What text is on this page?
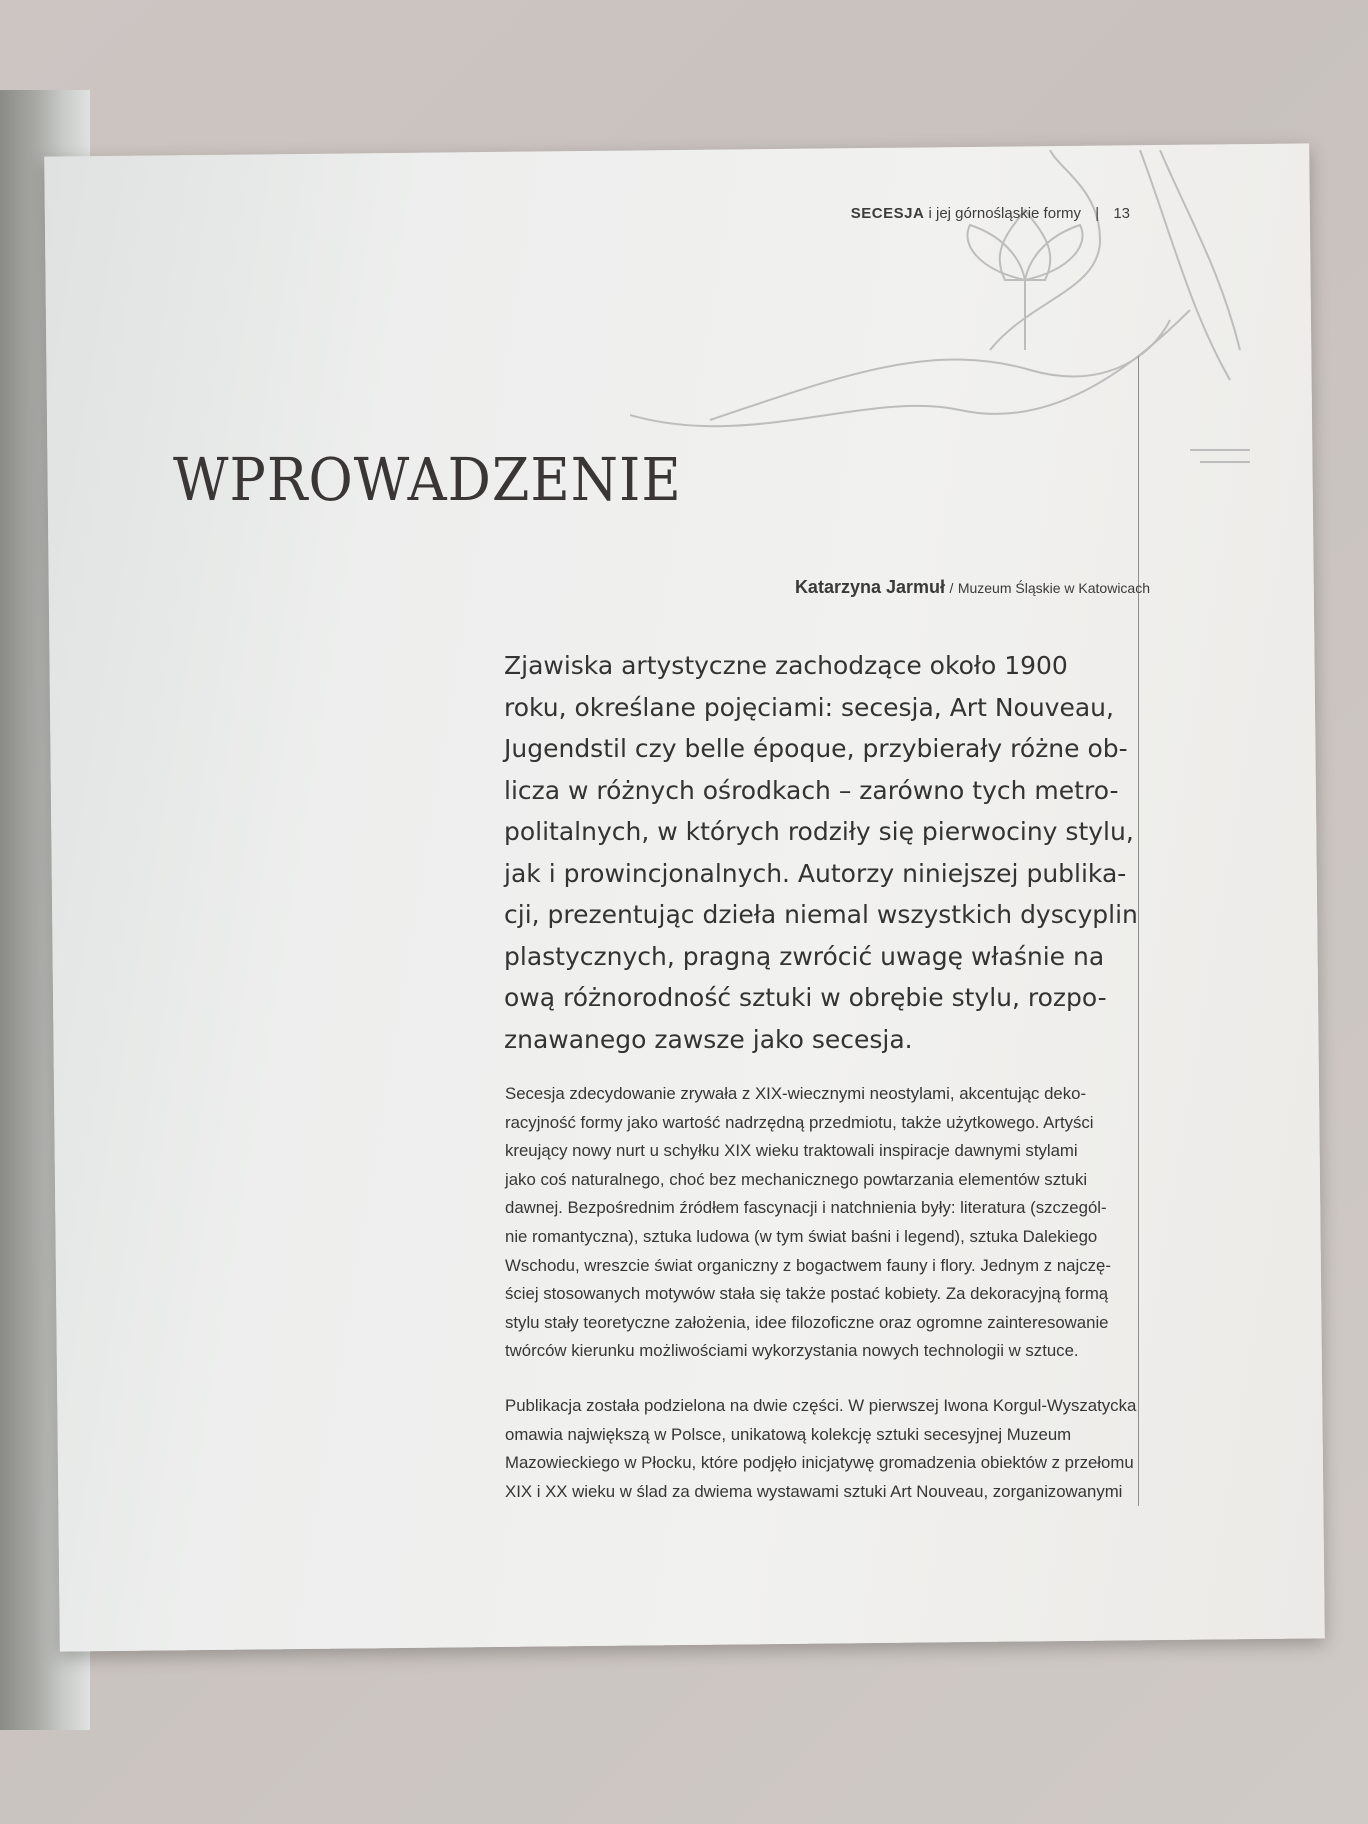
SECESJA i jej górnośląskie formy | 13
WPROWADZENIE
Katarzyna Jarmuł / Muzeum Śląskie w Katowicach
Zjawiska artystyczne zachodzące około 1900
roku, określane pojęciami: secesja, Art Nouveau,
Jugendstil czy belle époque, przybierały różne ob-
licza w różnych ośrodkach – zarówno tych metro-
politalnych, w których rodziły się pierwociny stylu,
jak i prowincjonalnych. Autorzy niniejszej publika-
cji, prezentując dzieła niemal wszystkich dyscyplin
plastycznych, pragną zwrócić uwagę właśnie na
ową różnorodność sztuki w obrębie stylu, rozpo-
znawanego zawsze jako secesja.
Secesja zdecydowanie zrywała z XIX-wiecznymi neostylami, akcentując deko-
racyjność formy jako wartość nadrzędną przedmiotu, także użytkowego. Artyści
kreujący nowy nurt u schyłku XIX wieku traktowali inspiracje dawnymi stylami
jako coś naturalnego, choć bez mechanicznego powtarzania elementów sztuki
dawnej. Bezpośrednim źródłem fascynacji i natchnienia były: literatura (szczegól-
nie romantyczna), sztuka ludowa (w tym świat baśni i legend), sztuka Dalekiego
Wschodu, wreszcie świat organiczny z bogactwem fauny i flory. Jednym z najczę-
ściej stosowanych motywów stała się także postać kobiety. Za dekoracyjną formą
stylu stały teoretyczne założenia, idee filozoficzne oraz ogromne zainteresowanie
twórców kierunku możliwościami wykorzystania nowych technologii w sztuce.
Publikacja została podzielona na dwie części. W pierwszej Iwona Korgul-Wyszatycka
omawia największą w Polsce, unikatową kolekcję sztuki secesyjnej Muzeum
Mazowieckiego w Płocku, które podjęło inicjatywę gromadzenia obiektów z przełomu
XIX i XX wieku w ślad za dwiema wystawami sztuki Art Nouveau, zorganizowanymi
